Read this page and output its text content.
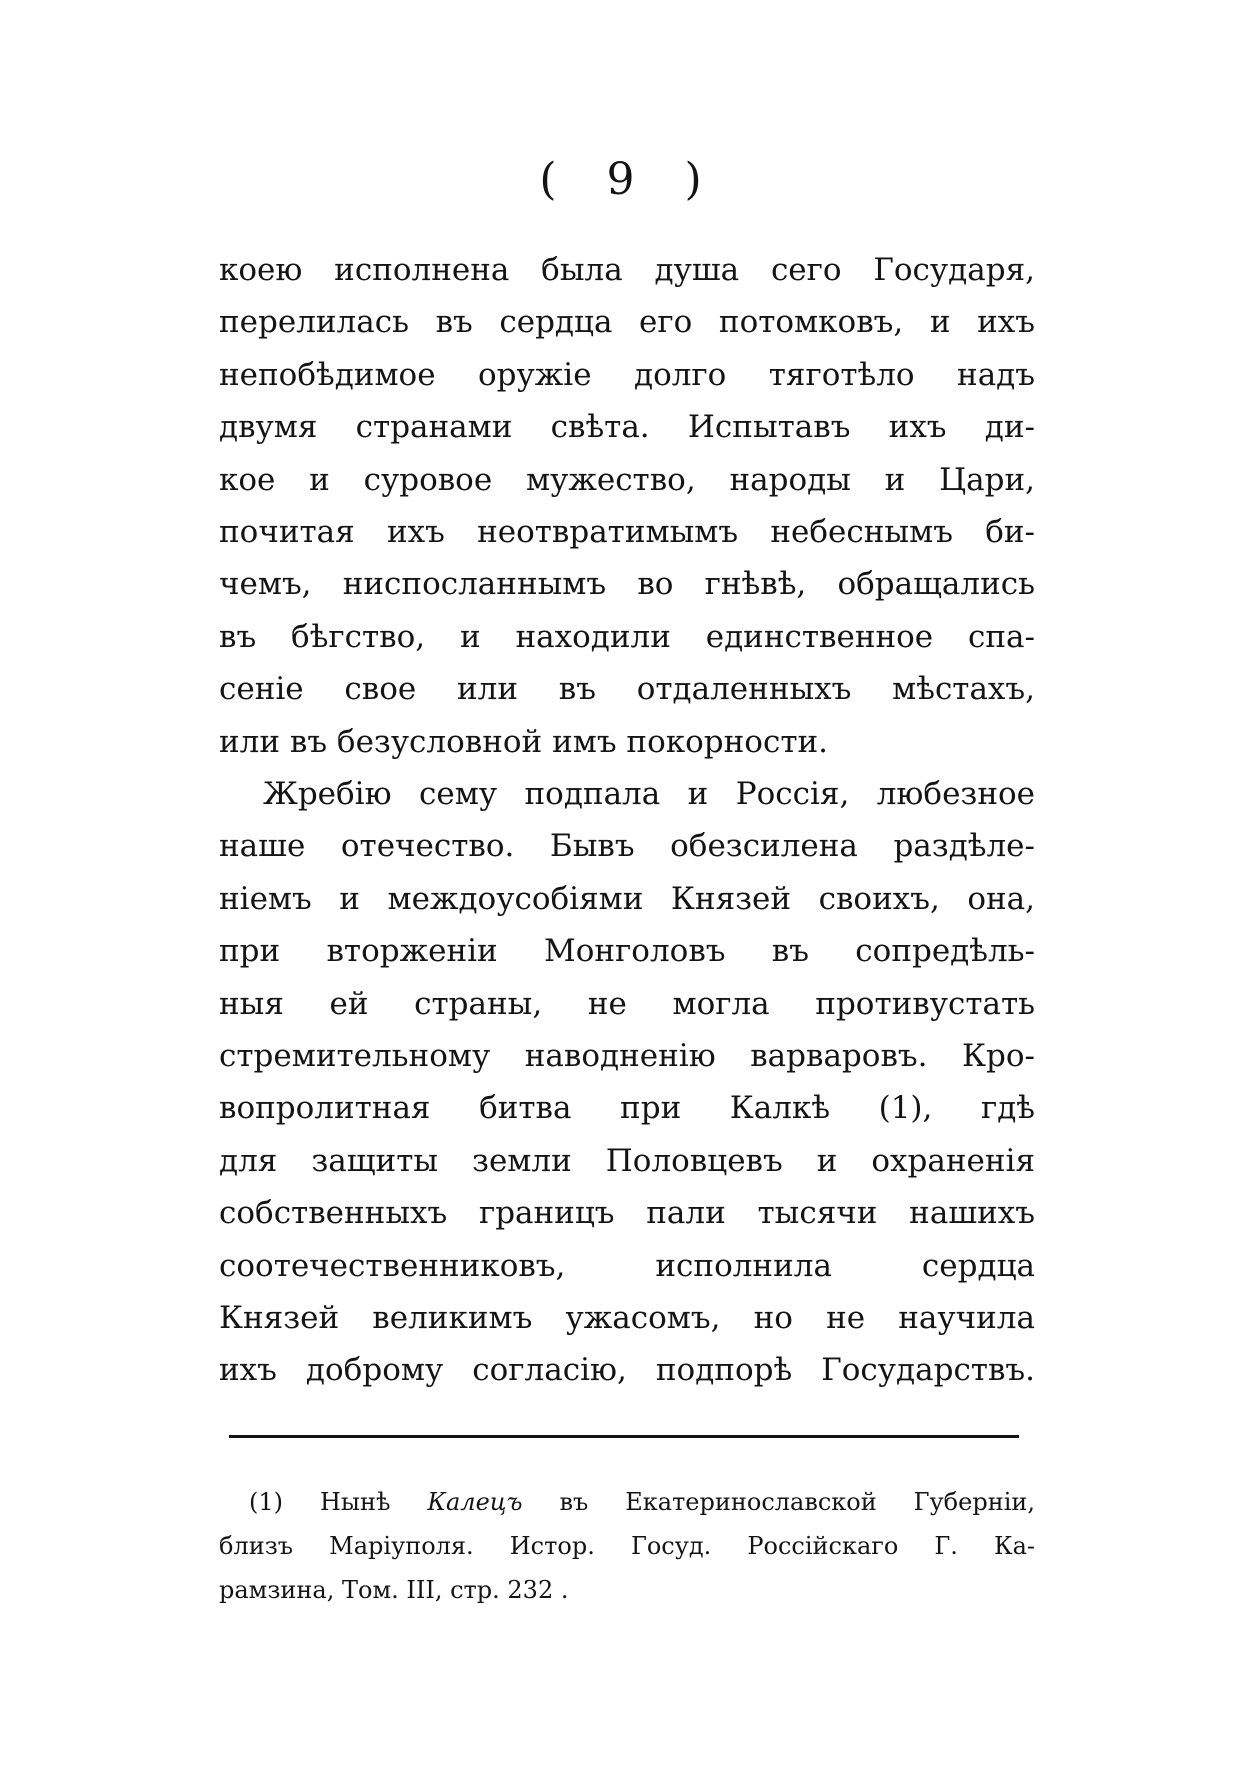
( 9 )
коею исполнена была душа сего Государя,
перелилась въ сердца его потомковъ, и ихъ
непобѣдимое оружіе долго тяготѣло надъ
двумя странами свѣта. Испытавъ ихъ ди-
кое и суровое мужество, народы и Цари,
почитая ихъ неотвратимымъ небеснымъ би-
чемъ, ниспосланнымъ во гнѣвѣ, обращались
въ бѣгство, и находили единственное спа-
сеніе свое или въ отдаленныхъ мѣстахъ,
или въ безусловной имъ покорности.
Жребію сему подпала и Россія, любезное
наше отечество. Бывъ обезсилена раздѣле-
ніемъ и междоусобіями Князей своихъ, она,
при вторженіи Монголовъ въ сопредѣль-
ныя ей страны, не могла противустать
стремительному наводненію варваровъ. Кро-
вопролитная битва при Калкѣ (1), гдѣ
для защиты земли Половцевъ и охраненія
собственныхъ границъ пали тысячи нашихъ
соотечественниковъ, исполнила сердца
Князей великимъ ужасомъ, но не научила
ихъ доброму согласію, подпорѣ Государствъ.
(1) Нынѣ Калецъ въ Екатеринославской Губерніи,
близъ Маріуполя. Истор. Госуд. Россійскаго Г. Ка-
рамзина, Том. III, стр. 232 .
